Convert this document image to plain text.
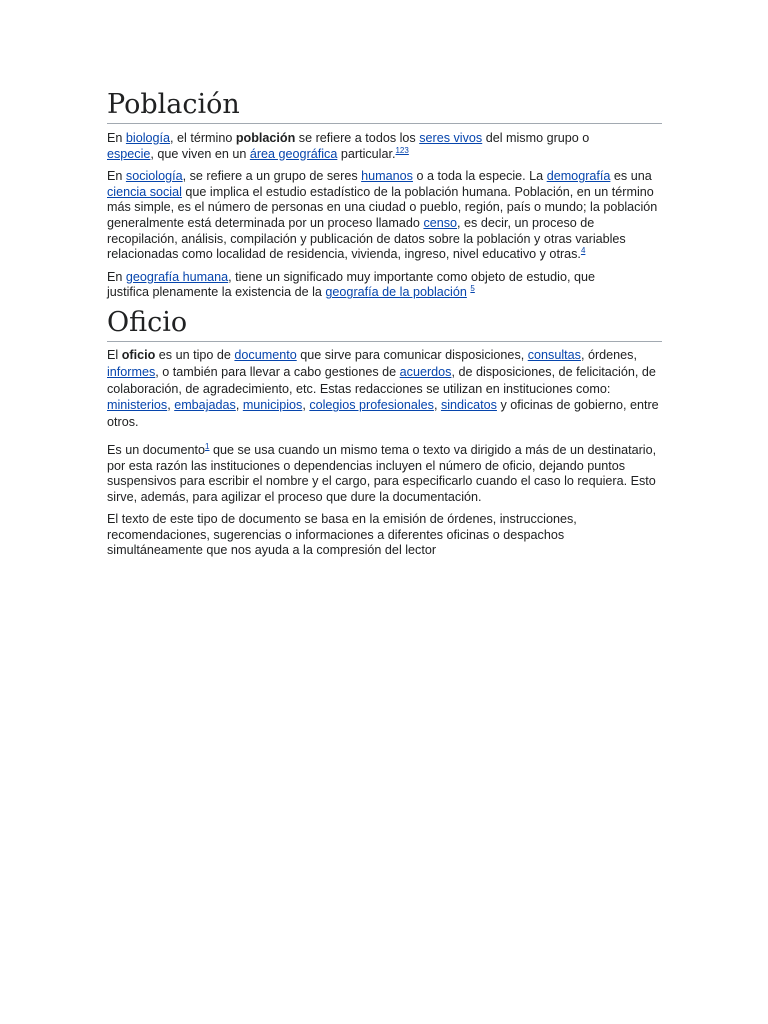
Población

En biología, el término población se refiere a todos los seres vivos del mismo grupo o especie, que viven en un área geográfica particular.$^{123}$

En sociología, se refiere a un grupo de seres humanos o a toda la especie. La demografía es una ciencia social que implica el estudio estadístico de la población humana. Población, en un término más simple, es el número de personas en una ciudad o pueblo, región, país o mundo; la población generalmente está determinada por un proceso llamado censo, es decir, un proceso de recopilación, análisis, compilación y publicación de datos sobre la población y otras variables relacionadas como localidad de residencia, vivienda, ingreso, nivel educativo y otras.$^4$

En geografía humana, tiene un significado muy importante como objeto de estudio, que justifica plenamente la existencia de la geografía de la población $^5$

Oficio

El oficio es un tipo de documento que sirve para comunicar disposiciones, consultas, órdenes, informes, o también para llevar a cabo gestiones de acuerdos, de disposiciones, de felicitación, de colaboración, de agradecimiento, etc. Estas redacciones se utilizan en instituciones como: ministerios, embajadas, municipios, colegios profesionales, sindicatos y oficinas de gobierno, entre otros.

Es un documento$^1$ que se usa cuando un mismo tema o texto va dirigido a más de un destinatario, por esta razón las instituciones o dependencias incluyen el número de oficio, dejando puntos suspensivos para escribir el nombre y el cargo, para especificarlo cuando el caso lo requiera. Esto sirve, además, para agilizar el proceso que dure la documentación.

El texto de este tipo de documento se basa en la emisión de órdenes, instrucciones, recomendaciones, sugerencias o informaciones a diferentes oficinas o despachos simultáneamente que nos ayuda a la compresión del lector
